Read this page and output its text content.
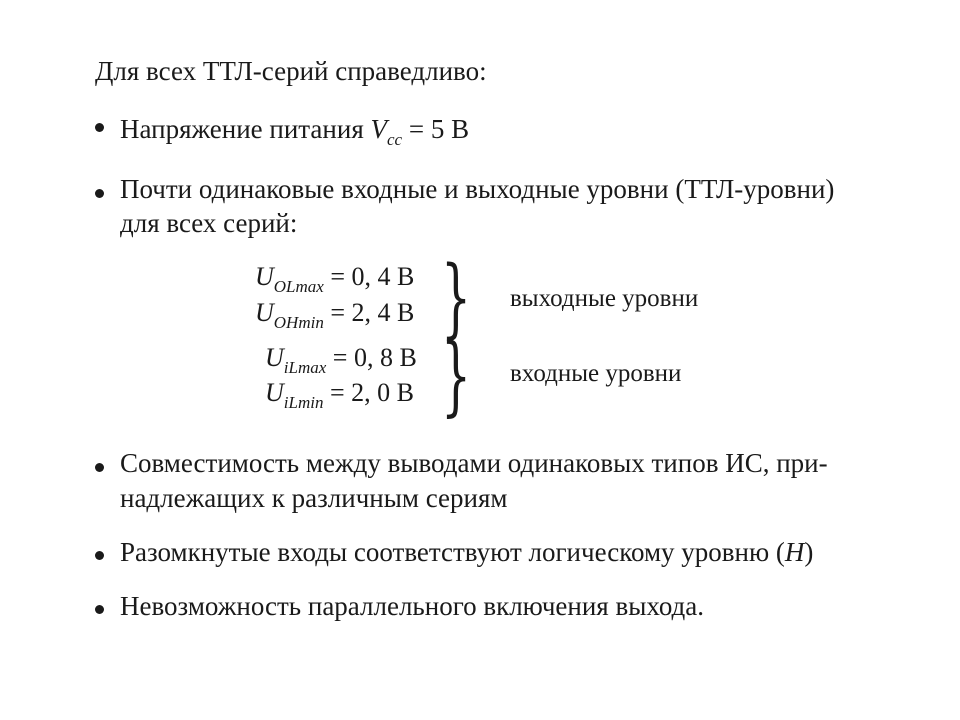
Для всех ТТЛ-серий справедливо:
Напряжение питания $V_{cc} = 5$ В
Почти одинаковые входные и выходные уровни (ТТЛ-уровни)
для всех серий:
$U_{OLmax} = 0$, 4 В
$U_{OHmin} = 2$, 4 В } выходные уровни
$U_{iLmax} = 0$, 8 В
$U_{iLmin} = 2$, 0 В } входные уровни
Совместимость между выводами одинаковых типов ИС, при-
надлежащих к различным сериям
Разомкнутые входы соответствуют логическому уровню (H)
Невозможность параллельного включения выхода.
